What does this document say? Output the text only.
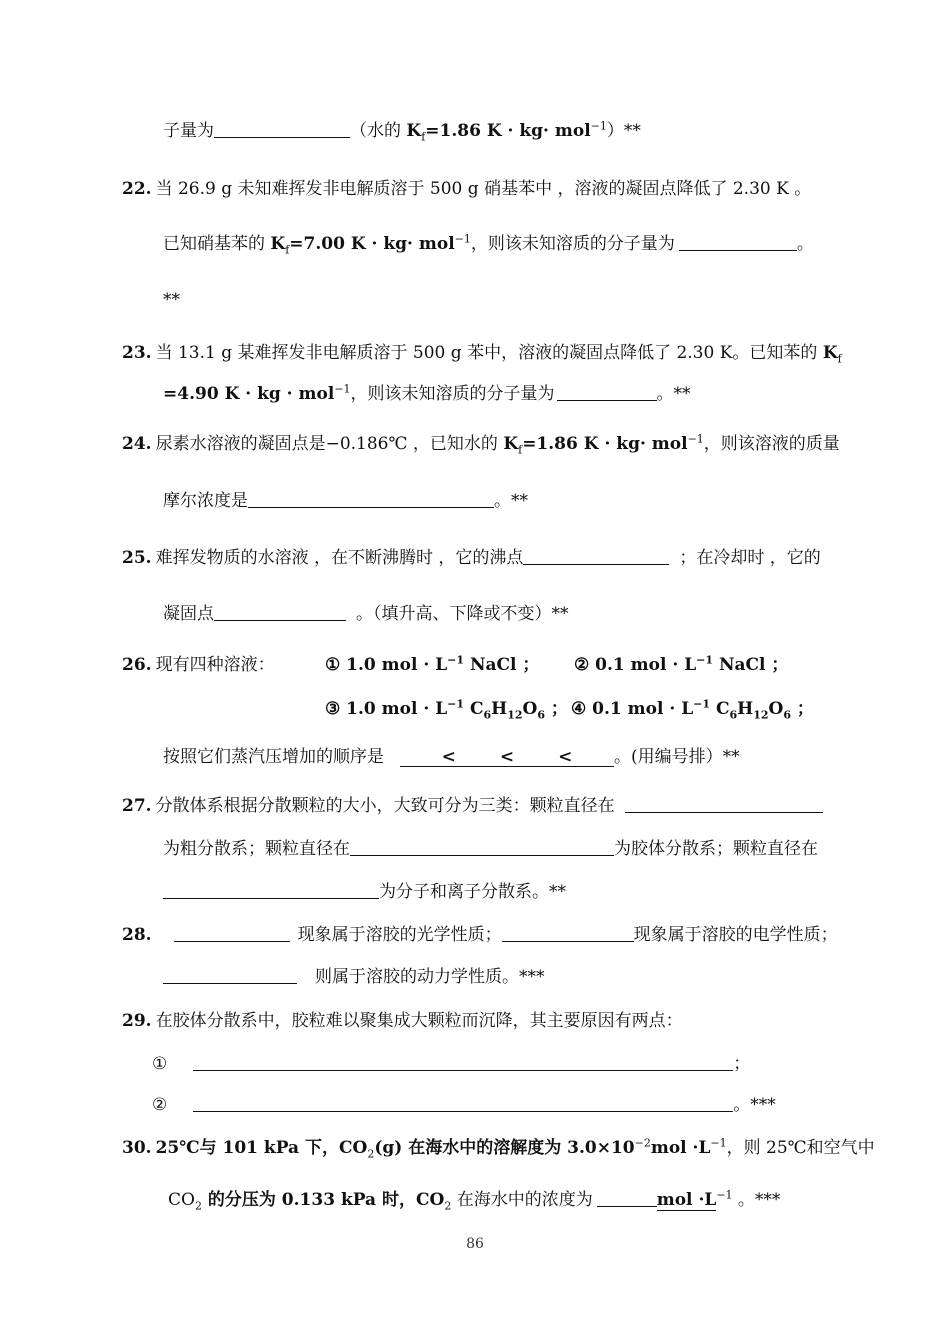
子量为	（水的 $K_f=1.86$ K · kg· mol$^{-1}$）**
22. 当 26.9 g 未知难挥发非电解质溶于 500 g 硝基苯中 ，溶液的凝固点降低了 2.30 K 。
已知硝基苯的 $K_f=7.00$ K · kg· mol$^{-1}$，则该未知溶质的分子量为	。
**
23. 当 13.1 g 某难挥发非电解质溶于 500 g 苯中，溶液的凝固点降低了 2.30 K。已知苯的 $K_f$
=4.90 K · kg · mol$^{-1}$，则该未知溶质的分子量为	。**
24. 尿素水溶液的凝固点是−0.186℃ ，已知水的 $K_f=1.86$ K · kg· mol$^{-1}$，则该溶液的质量
摩尔浓度是	。**
25. 难挥发物质的水溶液 ，在不断沸腾时 ，它的沸点	；在冷却时 ，它的
凝固点	。（填升高、下降或不变）**
26. 现有四种溶液：	① 1.0 mol · $L^{-1}$ NaCl ； ② 0.1 mol · $L^{-1}$ NaCl ；
③ 1.0 mol · $L^{-1}$ $C_6H_{12}O_6$ ； ④ 0.1 mol · $L^{-1}$ $C_6H_{12}O_6$ ；
按照它们蒸汽压增加的顺序是	<	<	< 。(用编号排）**
27. 分散体系根据分散颗粒的大小，大致可分为三类：颗粒直径在
为粗分散系；颗粒直径在	为胶体分散系；颗粒直径在
为分子和离子分散系。**
28.	现象属于溶胶的光学性质；	现象属于溶胶的电学性质；
则属于溶胶的动力学性质。***
29. 在胶体分散系中，胶粒难以聚集成大颗粒而沉降，其主要原因有两点：
①	；
②	。***
30. 25℃与 101 kPa 下，$CO_2(g)$ 在海水中的溶解度为 $3.0\times 10^{-2}mol \cdot L^{-1}$，则 25℃和空气中
$CO_2$ 的分压为 0.133 kPa 时，$CO_2$ 在海水中的浓度为	mol $\cdot L^{-1}$ 。***
86
